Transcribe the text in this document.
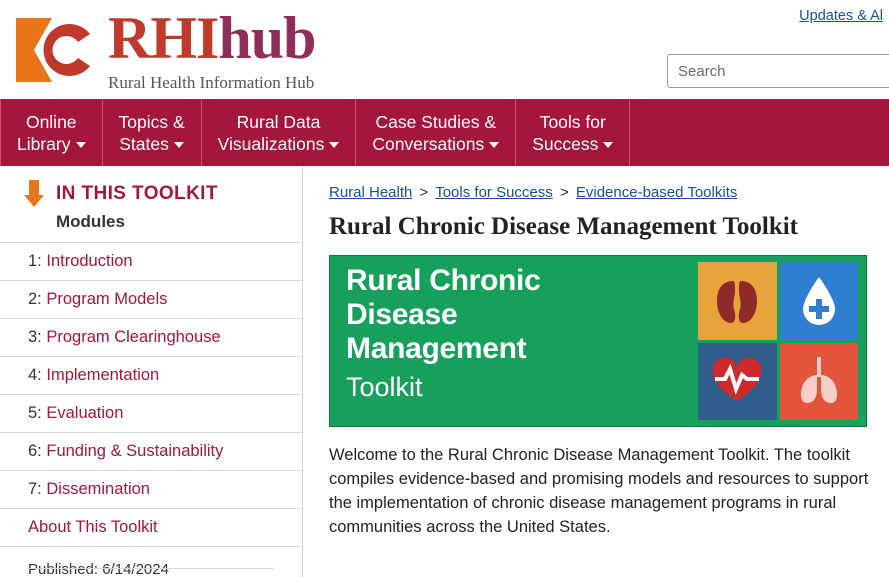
RHIhub
Rural Health Information Hub
Updates & Al
Search
Online
Library
Topics &
States
Rural Data
Visualizations
Case Studies &
Conversations
Tools for
Success
IN THIS TOOLKIT
Modules
1: Introduction
2: Program Models
3: Program Clearinghouse
4: Implementation
5: Evaluation
6: Funding & Sustainability
7: Dissemination
About This Toolkit
Published: 6/14/2024
Rural Health > Tools for Success > Evidence-based Toolkits
Rural Chronic Disease Management Toolkit
Rural Chronic
Disease
Management
Toolkit

Welcome to the Rural Chronic Disease Management Toolkit. The toolkit compiles evidence-based and promising models and resources to support the implementation of chronic disease management programs in rural communities across the United States.
